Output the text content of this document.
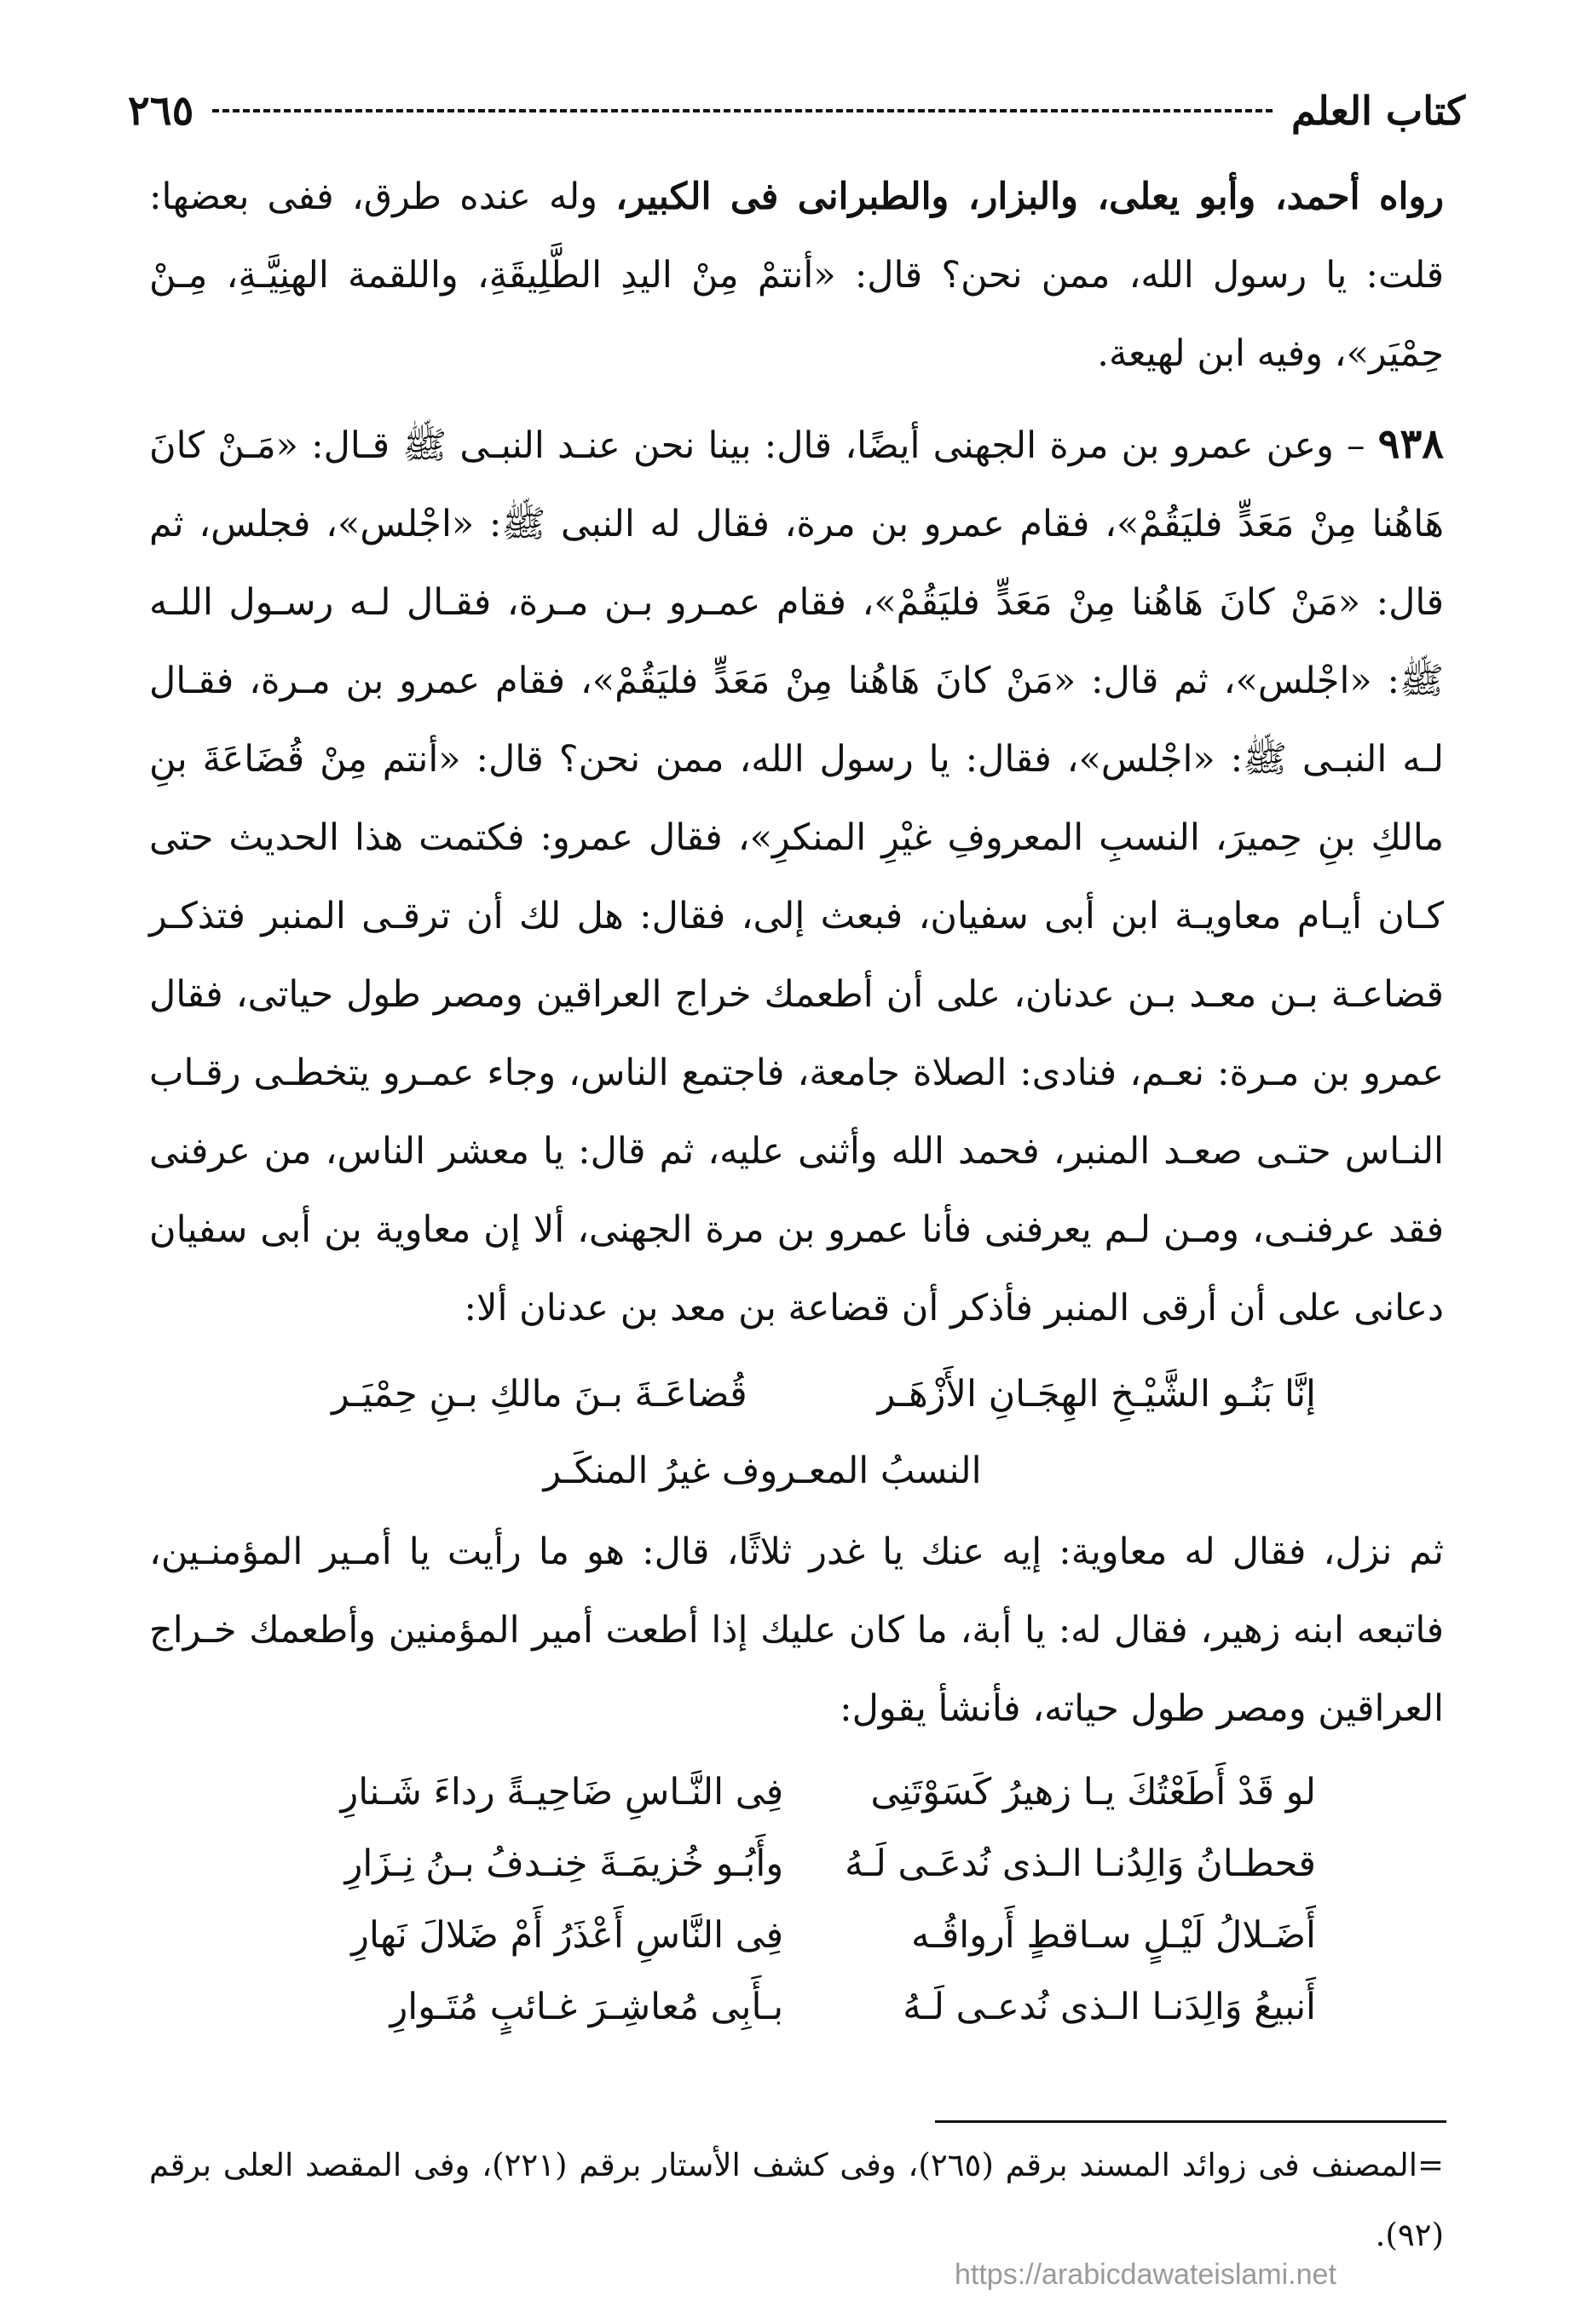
كتاب العلم
٢٦٥

رواه أحمد، وأبو يعلى، والبزار، والطبرانى فى الكبير، وله عنده طرق، ففى بعضها: قلت: يا رسول الله، ممن نحن؟ قال: «أنتمْ مِنْ اليدِ الطَّلِيقَةِ، واللقمة الهنِيَّـةِ، مِـنْ حِمْيَر»، وفيه ابن لهيعة.

٩٣٨ – وعن عمرو بن مرة الجهنى أيضًا، قال: بينا نحن عنـد النبـى ﷺ قـال: «مَـنْ كانَ هَاهُنا مِنْ مَعَدٍّ فليَقُمْ»، فقام عمرو بن مرة، فقال له النبى ﷺ: «اجْلس»، فجلس، ثم قال: «مَنْ كانَ هَاهُنا مِنْ مَعَدٍّ فليَقُمْ»، فقام عمـرو بـن مـرة، فقـال لـه رسـول اللـه ﷺ: «اجْلس»، ثم قال: «مَنْ كانَ هَاهُنا مِنْ مَعَدٍّ فليَقُمْ»، فقام عمرو بن مـرة، فقـال لـه النبـى ﷺ: «اجْلس»، فقال: يا رسول الله، ممن نحن؟ قال: «أنتم مِنْ قُضَاعَةَ بنِ مالكِ بنِ حِميرَ، النسبِ المعروفِ غيْرِ المنكرِ»، فقال عمرو: فكتمت هذا الحديث حتى كـان أيـام معاويـة ابن أبى سفيان، فبعث إلى، فقال: هل لك أن ترقـى المنبر فتذكـر قضاعـة بـن معـد بـن عدنان، على أن أطعمك خراج العراقين ومصر طول حياتى، فقال عمرو بن مـرة: نعـم، فنادى: الصلاة جامعة، فاجتمع الناس، وجاء عمـرو يتخطـى رقـاب النـاس حتـى صعـد المنبر، فحمد الله وأثنى عليه، ثم قال: يا معشر الناس، من عرفنى فقد عرفنـى، ومـن لـم يعرفنى فأنا عمرو بن مرة الجهنى، ألا إن معاوية بن أبى سفيان دعانى على أن أرقى المنبر فأذكر أن قضاعة بن معد بن عدنان ألا:

إنَّا بَنُـو الشَّيْـخِ الهِجَـانِ الأَزْهَـر
قُضاعَـةَ بـنَ مالكِ بـنِ حِمْيَـر
النسبُ المعـروف غيرُ المنكَـر

ثم نزل، فقال له معاوية: إيه عنك يا غدر ثلاثًا، قال: هو ما رأيت يا أمـير المؤمنـين، فاتبعه ابنه زهير، فقال له: يا أبة، ما كان عليك إذا أطعت أمير المؤمنين وأطعمك خـراج العراقين ومصر طول حياته، فأنشأ يقول:

لو قَدْ أَطَعْتُكَ يـا زهيرُ كَسَوْتَنِى
فِى النَّـاسِ ضَاحِيـةً رداءَ شَـنارِ
قحطـانُ وَالِدُنـا الـذى نُدعَـى لَـهُ
وأَبُـو خُزيمَـةَ خِنـدفُ بـنُ نِـزَارِ
أَضَـلالُ لَيْـلٍ سـاقطٍ أَرواقُـه
فِى النَّاسِ أَعْذَرُ أَمْ ضَلالَ نَهارِ
أَنبيعُ وَالِدَنـا الـذى نُدعـى لَـهُ
بـأَبِى مُعاشِـرَ غـائبٍ مُتَـوارِ
=المصنف فى زوائد المسند برقم (٢٦٥)، وفى كشف الأستار برقم (٢٢١)، وفى المقصد العلى برقم (٩٢).
https://arabicdawateislami.net
